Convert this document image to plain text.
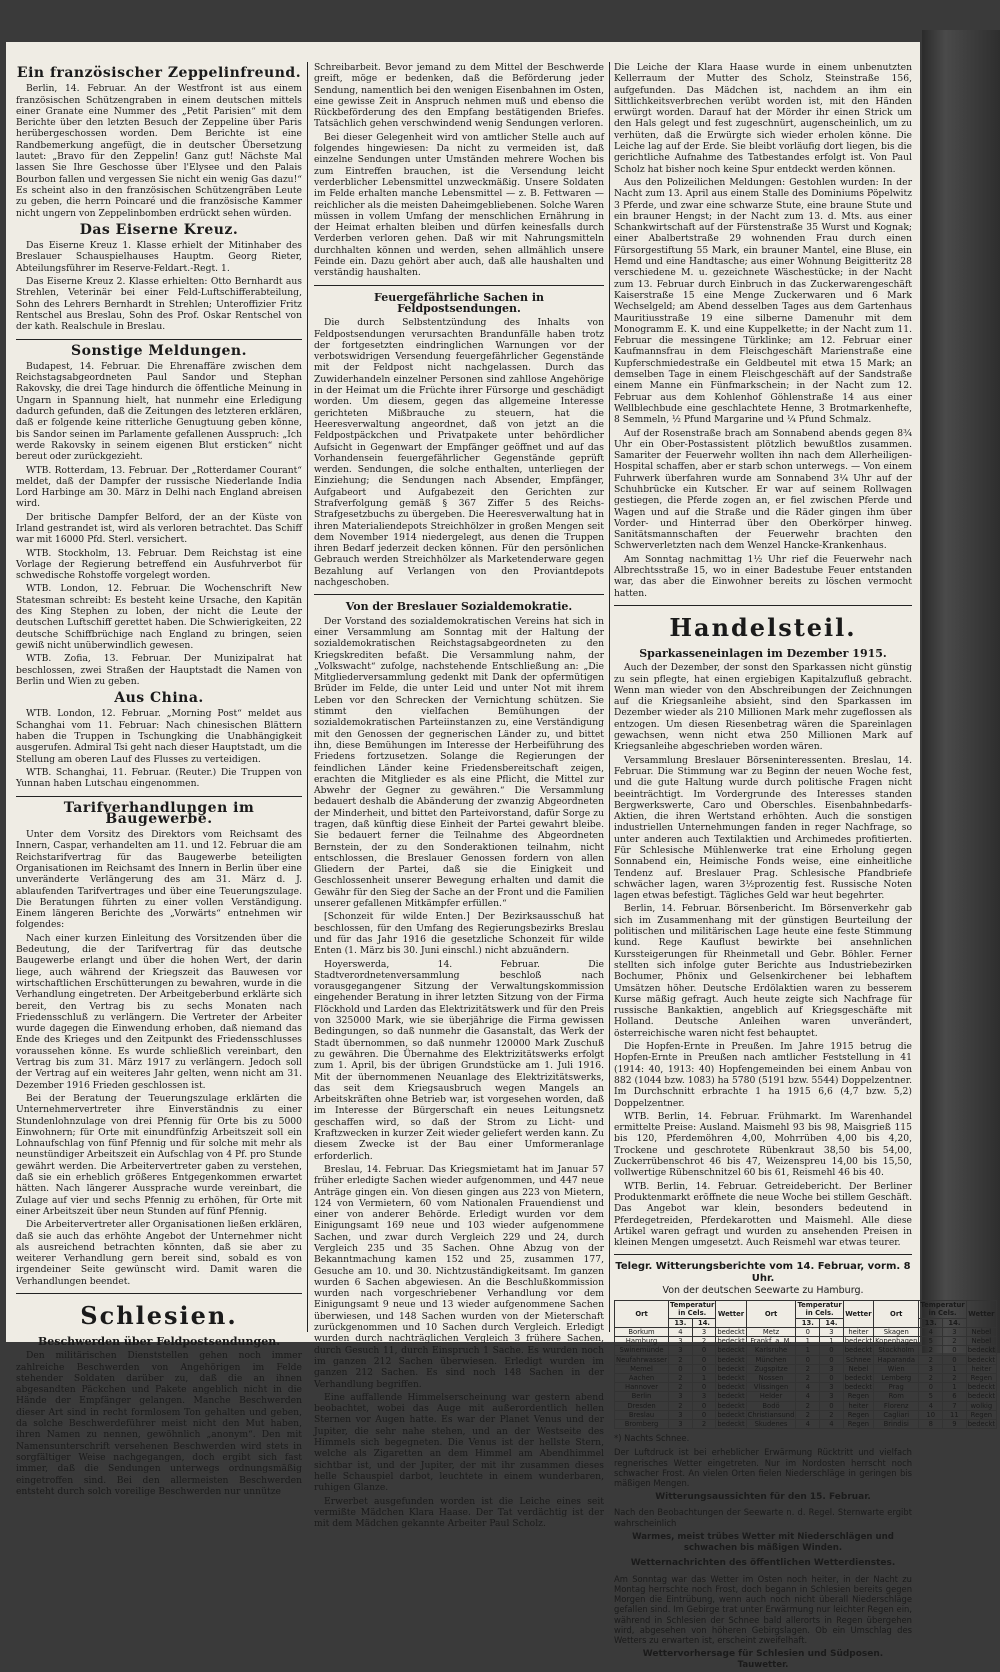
Ein französischer Zeppelinfreund.

Berlin, 14. Februar. An der Westfront ist aus einem französischen Schützengraben in einem deutschen mittels einer Granate eine Nummer des „Petit Parisien“ mit dem Berichte über den letzten Besuch der Zeppeline über Paris herübergeschossen worden. Dem Berichte ist eine Randbemerkung angefügt, die in deutscher Übersetzung lautet: „Bravo für den Zeppelin! Ganz gut! Nächste Mal lassen Sie Ihre Geschosse über l'Elysee und den Palais Bourbon fallen und vergessen Sie nicht ein wenig Gas dazu!“ Es scheint also in den französischen Schützengräben Leute zu geben, die herrn Poincaré und die französische Kammer nicht ungern von Zeppelinbomben erdrückt sehen würden.

Das Eiserne Kreuz.

Das Eiserne Kreuz 1. Klasse erhielt der Mitinhaber des Breslauer Schauspielhauses Hauptm. Georg Rieter, Abteilungsführer im Reserve-Feldart.-Regt. 1.

Das Eiserne Kreuz 2. Klasse erhielten: Otto Bernhardt aus Strehlen, Veterinär bei einer Feld-Luftschifferabteilung, Sohn des Lehrers Bernhardt in Strehlen; Unteroffizier Fritz Rentschel aus Breslau, Sohn des Prof. Oskar Rentschel von der kath. Realschule in Breslau.

Sonstige Meldungen.

Budapest, 14. Februar. Die Ehrenaffäre zwischen dem Reichstagsabgeordneten Paul Sandor und Stephan Rakovsky, die drei Tage hindurch die öffentliche Meinung in Ungarn in Spannung hielt, hat nunmehr eine Erledigung dadurch gefunden, daß die Zeitungen des letzteren erklären, daß er folgende keine ritterliche Genugtuung geben könne, bis Sandor seinen im Parlamente gefallenen Ausspruch: „Ich werde Rakovsky in seinem eigenen Blut ersticken“ nicht bereut oder zurückgezieht.

WTB. Rotterdam, 13. Februar. Der „Rotterdamer Courant“ meldet, daß der Dampfer der russische Niederlande India Lord Harbinge am 30. März in Delhi nach England abreisen wird.

Der britische Dampfer Belford, der an der Küste von Irland gestrandet ist, wird als verloren betrachtet. Das Schiff war mit 16000 Pfd. Sterl. versichert.

WTB. Stockholm, 13. Februar. Dem Reichstag ist eine Vorlage der Regierung betreffend ein Ausfuhrverbot für schwedische Rohstoffe vorgelegt worden.

WTB. London, 12. Februar. Die Wochenschrift New Statesman schreibt: Es besteht keine Ursache, den Kapitän des King Stephen zu loben, der nicht die Leute der deutschen Luftschiff gerettet haben. Die Schwierigkeiten, 22 deutsche Schiffbrüchige nach England zu bringen, seien gewiß nicht unüberwindlich gewesen.

WTB. Zofia, 13. Februar. Der Munizipalrat hat beschlossen, zwei Straßen der Hauptstadt die Namen von Berlin und Wien zu geben.

Aus China.

WTB. London, 12. Februar. „Morning Post“ meldet aus Schanghai vom 11. Februar: Nach chinesischen Blättern haben die Truppen in Tschungking die Unabhängigkeit ausgerufen. Admiral Tsi geht nach dieser Hauptstadt, um die Stellung am oberen Lauf des Flusses zu verteidigen.

WTB. Schanghai, 11. Februar. (Reuter.) Die Truppen von Yunnan haben Lutschau eingenommen.

Tarifverhandlungen im Baugewerbe.

Unter dem Vorsitz des Direktors vom Reichsamt des Innern, Caspar, verhandelten am 11. und 12. Februar die am Reichstarifvertrag für das Baugewerbe beteiligten Organisationen im Reichsamt des Innern in Berlin über eine unveränderte Verlängerung des am 31. März d. J. ablaufenden Tarifvertrages und über eine Teuerungszulage. Die Beratungen führten zu einer vollen Verständigung. Einem längeren Berichte des „Vorwärts“ entnehmen wir folgendes:

Nach einer kurzen Einleitung des Vorsitzenden über die Bedeutung, die der Tarifvertrag für das deutsche Baugewerbe erlangt und über die hohen Wert, der darin liege, auch während der Kriegszeit das Bauwesen vor wirtschaftlichen Erschütterungen zu bewahren, wurde in die Verhandlung eingetreten. Der Arbeitgeberbund erklärte sich bereit, den Vertrag bis zu sechs Monaten nach Friedensschluß zu verlängern. Die Vertreter der Arbeiter wurde dagegen die Einwendung erhoben, daß niemand das Ende des Krieges und den Zeitpunkt des Friedensschlusses voraussehen könne. Es wurde schließlich vereinbart, den Vertrag bis zum 31. März 1917 zu verlängern. Jedoch soll der Vertrag auf ein weiteres Jahr gelten, wenn nicht am 31. Dezember 1916 Frieden geschlossen ist.

Bei der Beratung der Teuerungszulage erklärten die Unternehmervertreter ihre Einverständnis zu einer Stundenlohnzulage von drei Pfennig für Orte bis zu 5000 Einwohnern; für Orte mit einundfünfzig Arbeitszeit soll ein Lohnaufschlag von fünf Pfennig und für solche mit mehr als neunstündiger Arbeitszeit ein Aufschlag von 4 Pf. pro Stunde gewährt werden. Die Arbeitervertreter gaben zu verstehen, daß sie ein erheblich größeres Entgegenkommen erwartet hätten. Nach längerer Aussprache wurde vereinbart, die Zulage auf vier und sechs Pfennig zu erhöhen, für Orte mit einer Arbeitszeit über neun Stunden auf fünf Pfennig.

Die Arbeitervertreter aller Organisationen ließen erklären, daß sie auch das erhöhte Angebot der Unternehmer nicht als ausreichend betrachten könnten, daß sie aber zu weiterer Verhandlung gern bereit sind, sobald es von irgendeiner Seite gewünscht wird. Damit waren die Verhandlungen beendet.

Schlesien.
Beschwerden über Feldpostsendungen.

Den militärischen Dienststellen gehen noch immer zahlreiche Beschwerden von Angehörigen im Felde stehender Soldaten darüber zu, daß die an ihnen abgesandten Päckchen und Pakete angeblich nicht in die Hände der Empfänger gelangen. Manche Beschwerden dieser Art sind in recht formlosem Ton gehalten und geben, da solche Beschwerdeführer meist nicht den Mut haben, ihren Namen zu nennen, gewöhnlich „anonym“. Den mit Namensunterschrift versehenen Beschwerden wird stets in sorgfältiger Weise nachgegangen, doch ergibt sich fast immer, daß die Sendungen unterwegs ordnungsmäßig eingetroffen sind. Bei den allermeisten Beschwerden entsteht durch solch voreilige Beschwerden nur unnütze

Schreibarbeit. Bevor jemand zu dem Mittel der Beschwerde greift, möge er bedenken, daß die Beförderung jeder Sendung, namentlich bei den wenigen Eisenbahnen im Osten, eine gewisse Zeit in Anspruch nehmen muß und ebenso die Rückbeförderung des den Empfang bestätigenden Briefes. Tatsächlich gehen verschwindend wenig Sendungen verloren.

Bei dieser Gelegenheit wird von amtlicher Stelle auch auf folgendes hingewiesen: Da nicht zu vermeiden ist, daß einzelne Sendungen unter Umständen mehrere Wochen bis zum Eintreffen brauchen, ist die Versendung leicht verderblicher Lebensmittel unzweckmäßig. Unsere Soldaten im Felde erhalten manche Lebensmittel — z. B. Fettwaren — reichlicher als die meisten Daheimgebliebenen. Solche Waren müssen in vollem Umfang der menschlichen Ernährung in der Heimat erhalten bleiben und dürfen keinesfalls durch Verderben verloren gehen. Daß wir mit Nahrungsmitteln durchhalten können und werden, sehen allmählich unsere Feinde ein. Dazu gehört aber auch, daß alle haushalten und verständig haushalten.

Feuergefährliche Sachen in Feldpostsendungen.

Die durch Selbstentzündung des Inhalts von Feldpostsendungen verursachten Brandunfälle haben trotz der fortgesetzten eindringlichen Warnungen vor der verbotswidrigen Versendung feuergefährlicher Gegenstände mit der Feldpost nicht nachgelassen. Durch das Zuwiderhandeln einzelner Personen sind zahllose Angehörige in der Heimat um die Früchte ihrer Fürsorge und geschädigt worden. Um diesem, gegen das allgemeine Interesse gerichteten Mißbrauche zu steuern, hat die Heeresverwaltung angeordnet, daß von jetzt an die Feldpostpäckchen und Privatpakete unter behördlicher Aufsicht in Gegenwart der Empfänger geöffnet und auf das Vorhandensein feuergefährlicher Gegenstände geprüft werden. Sendungen, die solche enthalten, unterliegen der Einziehung; die Sendungen nach Absender, Empfänger, Aufgabeort und Aufgabezeit den Gerichten zur Strafverfolgung gemäß § 367 Ziffer 5 des Reichs-Strafgesetzbuchs zu übergeben. Die Heeresverwaltung hat in ihren Materialiendepots Streichhölzer in großen Mengen seit dem November 1914 niedergelegt, aus denen die Truppen ihren Bedarf jederzeit decken können. Für den persönlichen Gebrauch werden Streichhölzer als Marketenderware gegen Bezahlung auf Verlangen von den Proviantdepots nachgeschoben.

Von der Breslauer Sozialdemokratie.

Der Vorstand des sozialdemokratischen Vereins hat sich in einer Versammlung am Sonntag mit der Haltung der sozialdemokratischen Reichstagsabgeordneten zu den Kriegskrediten befaßt. Die Versammlung nahm, der „Volkswacht“ zufolge, nachstehende Entschließung an: „Die Mitgliederversammlung gedenkt mit Dank der opfermütigen Brüder im Felde, die unter Leid und unter Not mit ihrem Leben vor den Schrecken der Vernichtung schützen. Sie stimmt den vielfachen Bemühungen der sozialdemokratischen Parteiinstanzen zu, eine Verständigung mit den Genossen der gegnerischen Länder zu, und bittet ihn, diese Bemühungen im Interesse der Herbeiführung des Friedens fortzusetzen. Solange die Regierungen der feindlichen Länder keine Friedensbereitschaft zeigen, erachten die Mitglieder es als eine Pflicht, die Mittel zur Abwehr der Gegner zu gewähren.“ Die Versammlung bedauert deshalb die Abänderung der zwanzig Abgeordneten der Minderheit, und bittet den Parteivorstand, dafür Sorge zu tragen, daß künftig diese Einheit der Partei gewahrt bleibe. Sie bedauert ferner die Teilnahme des Abgeordneten Bernstein, der zu den Sonderaktionen teilnahm, nicht entschlossen, die Breslauer Genossen fordern von allen Gliedern der Partei, daß sie die Einigkeit und Geschlossenheit unserer Bewegung erhalten und damit die Gewähr für den Sieg der Sache an der Front und die Familien unserer gefallenen Mitkämpfer erfüllen.“

[Schonzeit für wilde Enten.] Der Bezirksausschuß hat beschlossen, für den Umfang des Regierungsbezirks Breslau und für das Jahr 1916 die gesetzliche Schonzeit für wilde Enten (1. März bis 30. Juni einschl.) nicht abzuändern.

Hoyerswerda, 14. Februar. Die Stadtverordnetenversammlung beschloß nach vorausgegangener Sitzung der Verwaltungskommission eingehender Beratung in ihrer letzten Sitzung von der Firma Flöckhold und Larden das Elektrizitätswerk und für den Preis von 325000 Mark, wie sie überjährige die Firma gewissen Bedingungen, so daß nunmehr die Gasanstalt, das Werk der Stadt übernommen, so daß nunmehr 120000 Mark Zuschuß zu gewähren. Die Übernahme des Elektrizitätswerks erfolgt zum 1. April, bis der übrigen Grundstücke am 1. Juli 1916. Mit der übernommenen Neuanlage des Elektrizitätswerks, das seit dem Kriegsausbruch wegen Mangels an Arbeitskräften ohne Betrieb war, ist vorgesehen worden, daß im Interesse der Bürgerschaft ein neues Leitungsnetz geschaffen wird, so daß der Strom zu Licht- und Kraftzwecken in kurzer Zeit wieder geliefert werden kann. Zu diesem Zwecke ist der Bau einer Umformeranlage erforderlich.

Breslau, 14. Februar. Das Kriegsmietamt hat im Januar 57 früher erledigte Sachen wieder aufgenommen, und 447 neue Anträge gingen ein. Von diesen gingen aus 223 von Mietern, 124 von Vermietern, 60 vom Nationalen Frauendienst und einer von anderer Behörde. Erledigt wurden vor dem Einigungsamt 169 neue und 103 wieder aufgenommene Sachen, und zwar durch Vergleich 229 und 24, durch Vergleich 235 und 35 Sachen. Ohne Abzug von der Bekanntmachung kamen 152 und 25, zusammen 177, Gesuche am 10. und 30. Nichtzuständigkeitsamt. Im ganzen wurden 6 Sachen abgewiesen. An die Beschlußkommission wurden nach vorgeschriebener Verhandlung vor dem Einigungsamt 9 neue und 13 wieder aufgenommene Sachen überwiesen, und 148 Sachen wurden von der Mieterschaft zurückgenommen und 10 Sachen durch Vergleich. Erledigt wurden durch nachträglichen Vergleich 3 frühere Sachen, durch Gesuch 11, durch Einspruch 1 Sache. Es wurden noch im ganzen 212 Sachen überwiesen. Erledigt wurden im ganzen 212 Sachen. Es sind noch 148 Sachen in der Verhandlung begriffen.

Eine auffallende Himmelserscheinung war gestern abend beobachtet, wobei das Auge mit außerordentlich hellen Sternen vor Augen hatte. Es war der Planet Venus und der Jupiter, die sehr nahe stehen, und an der Westseite des Himmels sich begegneten. Die Venus ist der hellste Stern, welche als Zigaretten an dem Himmel am Abendhimmel sichtbar ist, und der Jupiter, der mit ihr zusammen dieses helle Schauspiel darbot, leuchtete in einem wunderbaren, ruhigen Glanze.

Erwerbet ausgefunden worden ist die Leiche eines seit vermißte Mädchen Klara Haase. Der Tat verdächtig ist der mit dem Mädchen gekannte Arbeiter Paul Scholz.

Die Leiche der Klara Haase wurde in einem unbenutzten Kellerraum der Mutter des Scholz, Steinstraße 156, aufgefunden. Das Mädchen ist, nachdem an ihm ein Sittlichkeitsverbrechen verübt worden ist, mit den Händen erwürgt worden. Darauf hat der Mörder ihr einen Strick um den Hals gelegt und fest zugeschnürt, augenscheinlich, um zu verhüten, daß die Erwürgte sich wieder erholen könne. Die Leiche lag auf der Erde. Sie bleibt vorläufig dort liegen, bis die gerichtliche Aufnahme des Tatbestandes erfolgt ist. Von Paul Scholz hat bisher noch keine Spur entdeckt werden können.

Aus den Polizeilichen Meldungen: Gestohlen wurden: In der Nacht zum 13. April aus einem Stalle des Dominiums Pöpelwitz 3 Pferde, und zwar eine schwarze Stute, eine braune Stute und ein brauner Hengst; in der Nacht zum 13. d. Mts. aus einer Schankwirtschaft auf der Fürstenstraße 35 Wurst und Kognak; einer Abalbertstraße 29 wohnenden Frau durch einen Fürsorgestiftung 55 Mark, ein brauner Mantel, eine Bluse, ein Hemd und eine Handtasche; aus einer Wohnung Beigitteritz 28 verschiedene M. u. gezeichnete Wäschestücke; in der Nacht zum 13. Februar durch Einbruch in das Zuckerwarengeschäft Kaiserstraße 15 eine Menge Zuckerwaren und 6 Mark Wechselgeld; am Abend desselben Tages aus dem Gartenhaus Mauritiusstraße 19 eine silberne Damenuhr mit dem Monogramm E. K. und eine Kuppelkette; in der Nacht zum 11. Februar die messingene Türklinke; am 12. Februar einer Kaufmannsfrau in dem Fleischgeschäft Marienstraße eine Kupferschmiedestraße ein Geldbeutel mit etwa 15 Mark; an demselben Tage in einem Fleischgeschäft auf der Sandstraße einem Manne ein Fünfmarkschein; in der Nacht zum 12. Februar aus dem Kohlenhof Göhlenstraße 14 aus einer Wellblechbude eine geschlachtete Henne, 3 Brotmarkenhefte, 8 Semmeln, ½ Pfund Margarine und ¼ Pfund Schmalz.

Auf der Rosenstraße brach am Sonnabend abends gegen 8¾ Uhr ein Ober-Postassistent plötzlich bewußtlos zusammen. Samariter der Feuerwehr wollten ihn nach dem Allerheiligen-Hospital schaffen, aber er starb schon unterwegs. — Von einem Fuhrwerk überfahren wurde am Sonnabend 3¼ Uhr auf der Schuhbrücke ein Kutscher. Er war auf seinem Rollwagen gestiegen, die Pferde zogen an, er fiel zwischen Pferde und Wagen und auf die Straße und die Räder gingen ihm über Vorder- und Hinterrad über den Oberkörper hinweg. Sanitätsmannschaften der Feuerwehr brachten den Schwerverletzten nach dem Wenzel Hancke-Krankenhaus.

Am Sonntag nachmittag 1½ Uhr rief die Feuerwehr nach Albrechtsstraße 15, wo in einer Badestube Feuer entstanden war, das aber die Einwohner bereits zu löschen vermocht hatten.

Handelsteil.
Sparkasseneinlagen im Dezember 1915.

Auch der Dezember, der sonst den Sparkassen nicht günstig zu sein pflegte, hat einen ergiebigen Kapitalzufluß gebracht. Wenn man wieder von den Abschreibungen der Zeichnungen auf die Kriegsanleihe absieht, sind den Sparkassen im Dezember wieder als 210 Millionen Mark mehr zugeflossen als entzogen. Um diesen Riesenbetrag wären die Spareinlagen gewachsen, wenn nicht etwa 250 Millionen Mark auf Kriegsanleihe abgeschrieben worden wären.

Versammlung Breslauer Börseninteressenten. Breslau, 14. Februar. Die Stimmung war zu Beginn der neuen Woche fest, und die gute Haltung wurde durch politische Fragen nicht beeinträchtigt. Im Vordergrunde des Interesses standen Bergwerkswerte, Caro und Oberschles. Eisenbahnbedarfs-Aktien, die ihren Wertstand erhöhten. Auch die sonstigen industriellen Unternehmungen fanden in reger Nachfrage, so unter anderen auch Textilaktien und Archimedes profitierten. Für Schlesische Mühlenwerke trat eine Erholung gegen Sonnabend ein, Heimische Fonds weise, eine einheitliche Tendenz auf. Breslauer Prag. Schlesische Pfandbriefe schwächer lagen, waren 3½prozentig fest. Russische Noten lagen etwas befestigt. Tägliches Geld war heut begehrter.

Berlin, 14. Februar. Börsenbericht. Im Börsenverkehr gab sich im Zusammenhang mit der günstigen Beurteilung der politischen und militärischen Lage heute eine feste Stimmung kund. Rege Kauflust bewirkte bei ansehnlichen Kurssteigerungen für Rheinmetall und Gebr. Böhler. Ferner stellten sich infolge guter Berichte aus Industriebezirken Bochumer, Phönix und Gelsenkirchener bei lebhaftem Umsätzen höher. Deutsche Erdölaktien waren zu besserem Kurse mäßig gefragt. Auch heute zeigte sich Nachfrage für russische Bankaktien, angeblich auf Kriegsgeschäfte mit Holland. Deutsche Anleihen waren unverändert, österreichische waren nicht fest behauptet.

Die Hopfen-Ernte in Preußen. Im Jahre 1915 betrug die Hopfen-Ernte in Preußen nach amtlicher Feststellung in 41 (1914: 40, 1913: 40) Hopfengemeinden bei einem Anbau von 882 (1044 bzw. 1083) ha 5780 (5191 bzw. 5544) Doppelzentner. Im Durchschnitt erbrachte 1 ha 1915 6,6 (4,7 bzw. 5,2) Doppelzentner.

WTB. Berlin, 14. Februar. Frühmarkt. Im Warenhandel ermittelte Preise: Ausland. Maismehl 93 bis 98, Maisgrieß 115 bis 120, Pferdemöhren 4,00, Mohrrüben 4,00 bis 4,20, Trockene und geschrotete Rübenkraut 38,50 bis 54,00, Zuckerrübenschrot 46 bis 47, Weizenspreu 14,00 bis 15,50, vollwertige Rübenschnitzel 60 bis 61, Reismehl 46 bis 40.

WTB. Berlin, 14. Februar. Getreidebericht. Der Berliner Produktenmarkt eröffnete die neue Woche bei stillem Geschäft. Das Angebot war klein, besonders bedeutend in Pferdegetreiden, Pferdekarotten und Maismehl. Alle diese Artikel waren gefragt und wurden zu ansehenden Preisen in kleinen Mengen umgesetzt. Auch Reismehl war etwas teurer.

Telegr. Witterungsberichte vom 14. Februar, vorm. 8 Uhr.
Von der deutschen Seewarte zu Hamburg.
Ort	Temperatur in Cels.		Wetter	Ort	Temperatur in Cels.		Wetter	Ort	Temperatur in Cels.		Wetter
	13.	14.			13.	14.			13.	14.	
Borkum	4	3	bedeckt	Metz	0	3	heiter	Skagen	4	3	Nebel
Hamburg	3	2	bedeckt	Frankf. a. M.	1	1	bedeckt	Kopenhagen	5	2	Nebel
Swinemünde	3	0	bedeckt	Karlsruhe	1	0	bedeckt	Stockholm	2	0	bedeckt
Neufahrwasser	2	0	bedeckt	München	0	0	Schnee	Haparanda	2	0	bedeckt
Memel	0	0	bedeckt	Zugspitze	2	3	Nebel	Wien	3	1	heiter
Aachen	2	1	bedeckt	Nossen	2	0	bedeckt	Lemberg	2	2	Regen
Hannover	2	0	bedeckt	Vlissingen	4	3	bedeckt	Prag	0	1	bedeckt
Berlin	3	3	bedeckt	Helder	4	3	Regen	Rom	5	6	bedeckt
Dresden	2	0	bedeckt	Bodö	2	0	heiter	Florenz	4	7	wolkig
Breslau	3	0	bedeckt	Christiansund	2	2	Regen	Cagliari	10	11	Regen
Bromberg	3	2	bedeckt	Skudenes	4	4	Regen	Brindisi	8	9	bedeckt
*) Nachts Schnee.
Der Luftdruck ist bei erheblicher Erwärmung Rücktritt und vielfach regnerisches Wetter eingetreten. Nur im Nordosten herrscht noch schwacher Frost. An vielen Orten fielen Niederschläge in geringen bis mäßigen Mengen.
Witterungsaussichten für den 15. Februar.
Nach den Beobachtungen der Seewarte n. d. Regel. Sternwarte ergibt wahrscheinlich
Warmes, meist trübes Wetter mit Niederschlägen und schwachen bis mäßigen Winden.
Wetternachrichten des öffentlichen Wetterdienstes.
Am Sonntag war das Wetter im Osten noch heiter, in der Nacht zu Montag herrschte noch Frost, doch begann in Schlesien bereits gegen Morgen die Eintrübung, wenn auch noch nicht überall Niederschläge gefallen sind. Im Gebirge trat unter Erwärmung nur leichter Regen ein, während in Schlesien der Schnee bald allerorts in Regen übergehen wird, abgesehen von höheren Gebirgslagen. Ob ein Umschlag des Wetters zu erwarten ist, erscheint zweifelhaft.
Wettervorhersage für Schlesien und Südposen.
Tauwetter.
